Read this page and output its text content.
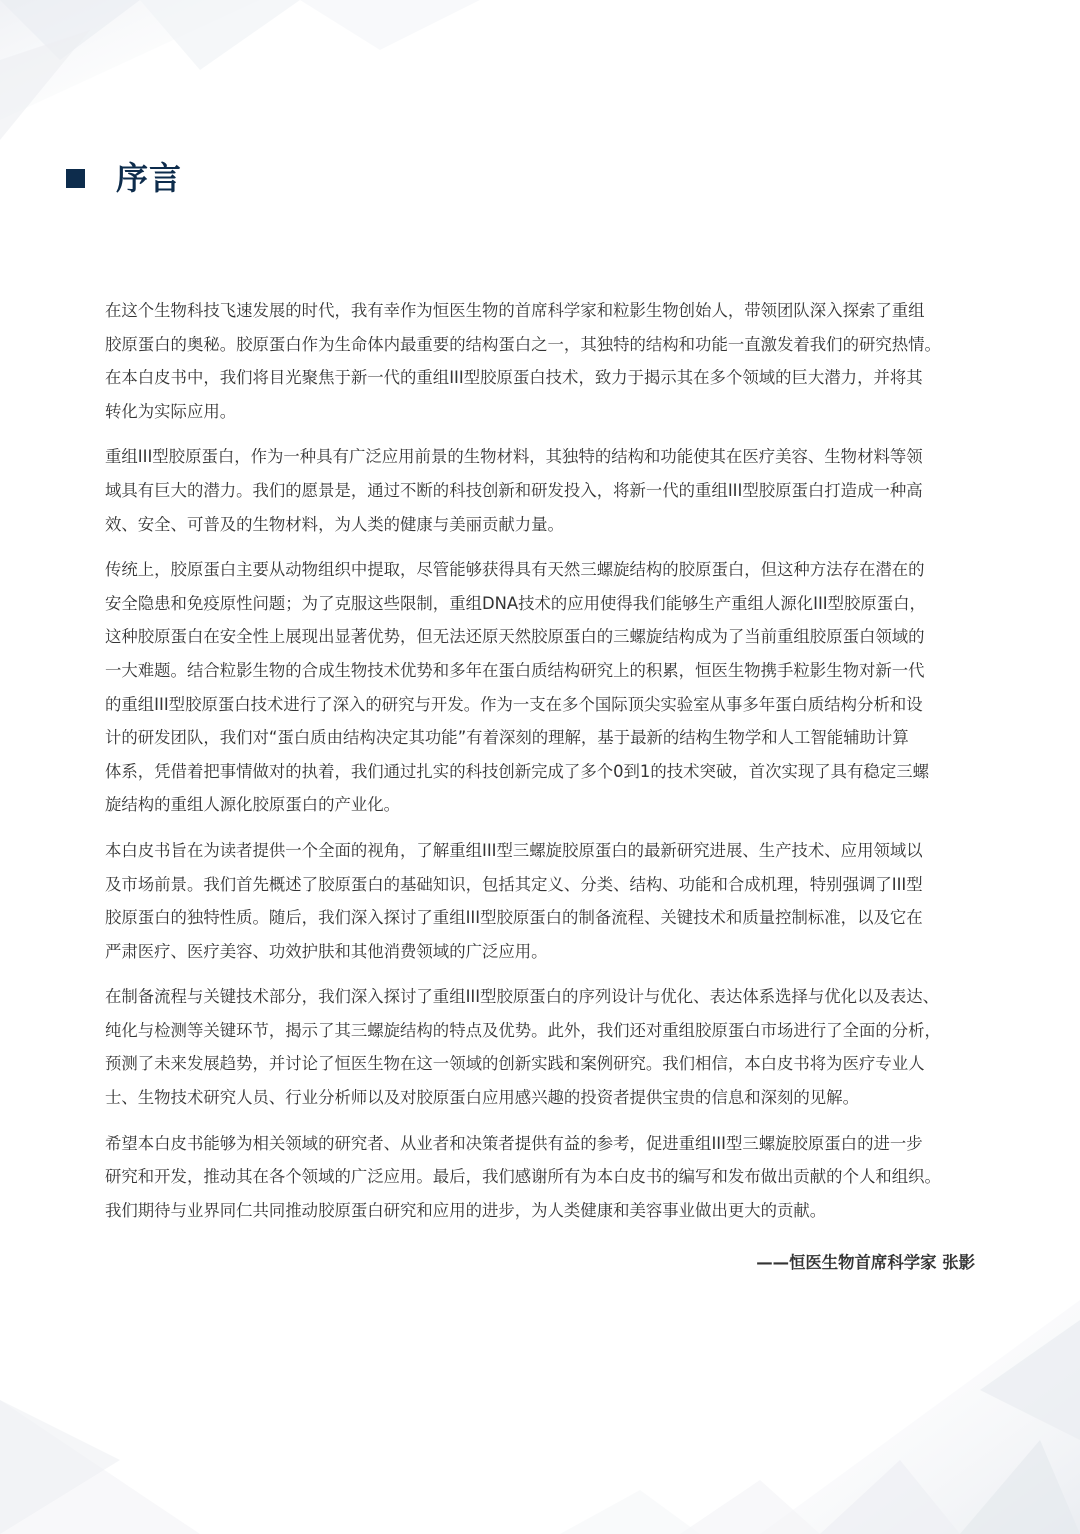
序言

在这个生物科技飞速发展的时代，我有幸作为恒医生物的首席科学家和粒影生物创始人，带领团队深入探索了重组
胶原蛋白的奥秘。胶原蛋白作为生命体内最重要的结构蛋白之一，其独特的结构和功能一直激发着我们的研究热情。
在本白皮书中，我们将目光聚焦于新一代的重组III型胶原蛋白技术，致力于揭示其在多个领域的巨大潜力，并将其
转化为实际应用。

重组III型胶原蛋白，作为一种具有广泛应用前景的生物材料，其独特的结构和功能使其在医疗美容、生物材料等领
域具有巨大的潜力。我们的愿景是，通过不断的科技创新和研发投入，将新一代的重组III型胶原蛋白打造成一种高
效、安全、可普及的生物材料，为人类的健康与美丽贡献力量。

传统上，胶原蛋白主要从动物组织中提取，尽管能够获得具有天然三螺旋结构的胶原蛋白，但这种方法存在潜在的
安全隐患和免疫原性问题；为了克服这些限制，重组DNA技术的应用使得我们能够生产重组人源化III型胶原蛋白，
这种胶原蛋白在安全性上展现出显著优势，但无法还原天然胶原蛋白的三螺旋结构成为了当前重组胶原蛋白领域的
一大难题。结合粒影生物的合成生物技术优势和多年在蛋白质结构研究上的积累，恒医生物携手粒影生物对新一代
的重组III型胶原蛋白技术进行了深入的研究与开发。作为一支在多个国际顶尖实验室从事多年蛋白质结构分析和设
计的研发团队，我们对“蛋白质由结构决定其功能”有着深刻的理解，基于最新的结构生物学和人工智能辅助计算
体系，凭借着把事情做对的执着，我们通过扎实的科技创新完成了多个0到1的技术突破，首次实现了具有稳定三螺
旋结构的重组人源化胶原蛋白的产业化。

本白皮书旨在为读者提供一个全面的视角，了解重组III型三螺旋胶原蛋白的最新研究进展、生产技术、应用领域以
及市场前景。我们首先概述了胶原蛋白的基础知识，包括其定义、分类、结构、功能和合成机理，特别强调了III型
胶原蛋白的独特性质。随后，我们深入探讨了重组III型胶原蛋白的制备流程、关键技术和质量控制标准，以及它在
严肃医疗、医疗美容、功效护肤和其他消费领域的广泛应用。

在制备流程与关键技术部分，我们深入探讨了重组III型胶原蛋白的序列设计与优化、表达体系选择与优化以及表达、
纯化与检测等关键环节，揭示了其三螺旋结构的特点及优势。此外，我们还对重组胶原蛋白市场进行了全面的分析，
预测了未来发展趋势，并讨论了恒医生物在这一领域的创新实践和案例研究。我们相信，本白皮书将为医疗专业人
士、生物技术研究人员、行业分析师以及对胶原蛋白应用感兴趣的投资者提供宝贵的信息和深刻的见解。

希望本白皮书能够为相关领域的研究者、从业者和决策者提供有益的参考，促进重组III型三螺旋胶原蛋白的进一步
研究和开发，推动其在各个领域的广泛应用。最后，我们感谢所有为本白皮书的编写和发布做出贡献的个人和组织。
我们期待与业界同仁共同推动胶原蛋白研究和应用的进步，为人类健康和美容事业做出更大的贡献。

——恒医生物首席科学家 张影
